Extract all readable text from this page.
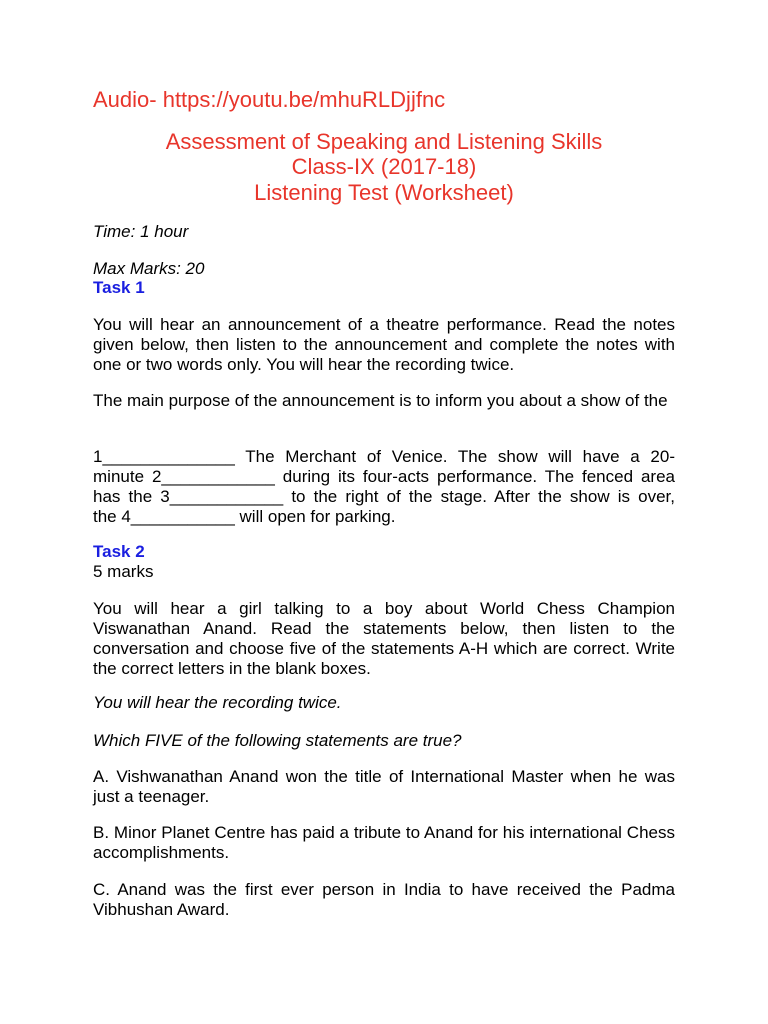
Audio- https://youtu.be/mhuRLDjjfnc
Assessment of Speaking and Listening Skills
Class-IX (2017-18)
Listening Test (Worksheet)

Time: 1 hour

Max Marks: 20

Task 1

You will hear an announcement of a theatre performance. Read the notes given below, then listen to the announcement and complete the notes with one or two words only. You will hear the recording twice.

The main purpose of the announcement is to inform you about a show of the

1______________ The Merchant of Venice. The show will have a 20-
minute 2____________ during its four-acts performance. The fenced area
has the 3____________ to the right of the stage. After the show is over,
the 4___________ will open for parking.

Task 2

5 marks

You will hear a girl talking to a boy about World Chess Champion Viswanathan Anand. Read the statements below, then listen to the conversation and choose five of the statements A-H which are correct. Write the correct letters in the blank boxes.

You will hear the recording twice.

Which FIVE of the following statements are true?

A. Vishwanathan Anand won the title of International Master when he was just a teenager.

B. Minor Planet Centre has paid a tribute to Anand for his international Chess accomplishments.

C. Anand was the first ever person in India to have received the Padma Vibhushan Award.
